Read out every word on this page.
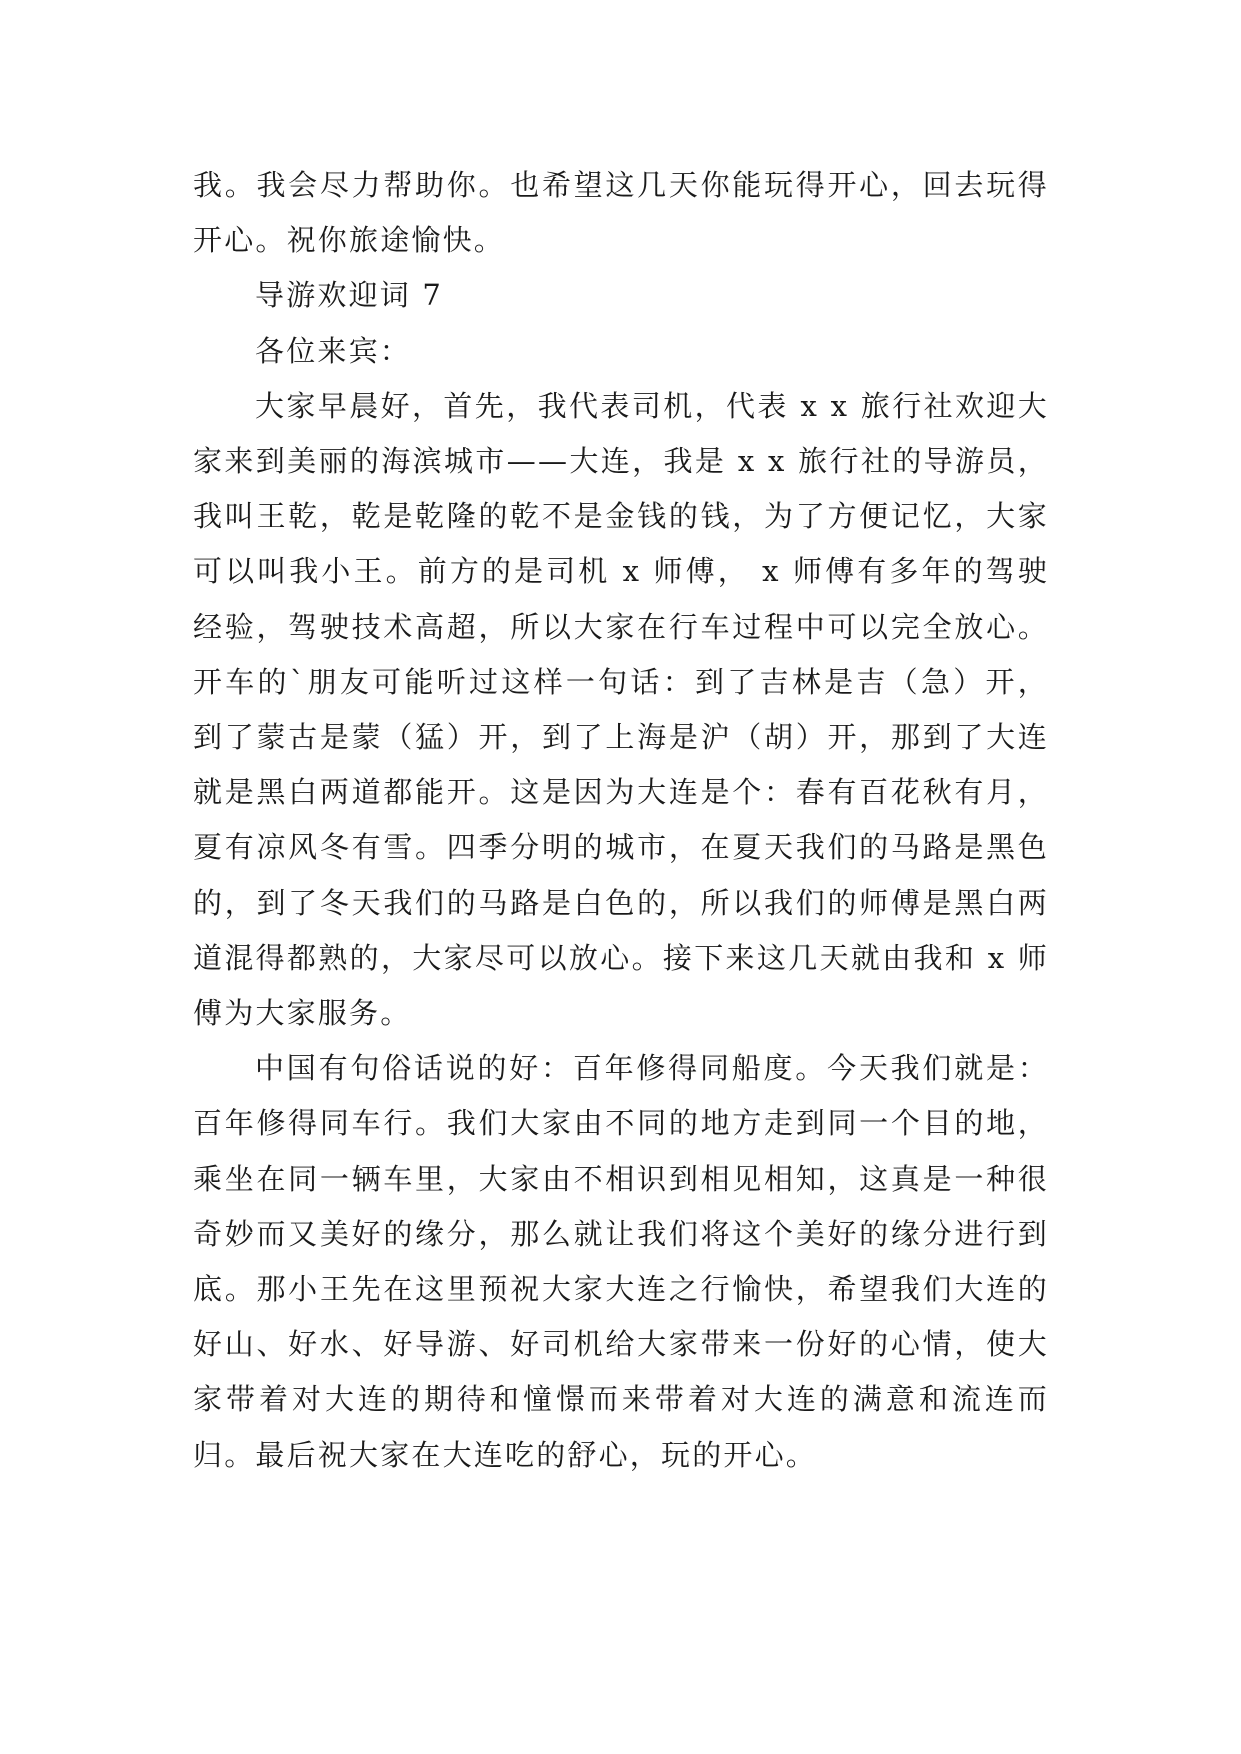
我。我会尽力帮助你。也希望这几天你能玩得开心，回去玩得开心。祝你旅途愉快。

导游欢迎词 7

各位来宾：

大家早晨好，首先，我代表司机，代表 x x 旅行社欢迎大家来到美丽的海滨城市——大连，我是 x x 旅行社的导游员，我叫王乾，乾是乾隆的乾不是金钱的钱，为了方便记忆，大家可以叫我小王。前方的是司机 x 师傅， x 师傅有多年的驾驶经验，驾驶技术高超，所以大家在行车过程中可以完全放心。开车的`朋友可能听过这样一句话：到了吉林是吉（急）开，到了蒙古是蒙（猛）开，到了上海是沪（胡）开，那到了大连就是黑白两道都能开。这是因为大连是个：春有百花秋有月，夏有凉风冬有雪。四季分明的城市，在夏天我们的马路是黑色的，到了冬天我们的马路是白色的，所以我们的师傅是黑白两道混得都熟的，大家尽可以放心。接下来这几天就由我和 x 师傅为大家服务。

中国有句俗话说的好：百年修得同船度。今天我们就是：百年修得同车行。我们大家由不同的地方走到同一个目的地，乘坐在同一辆车里，大家由不相识到相见相知，这真是一种很奇妙而又美好的缘分，那么就让我们将这个美好的缘分进行到底。那小王先在这里预祝大家大连之行愉快，希望我们大连的好山、好水、好导游、好司机给大家带来一份好的心情，使大家带着对大连的期待和憧憬而来带着对大连的满意和流连而归。最后祝大家在大连吃的舒心，玩的开心。
